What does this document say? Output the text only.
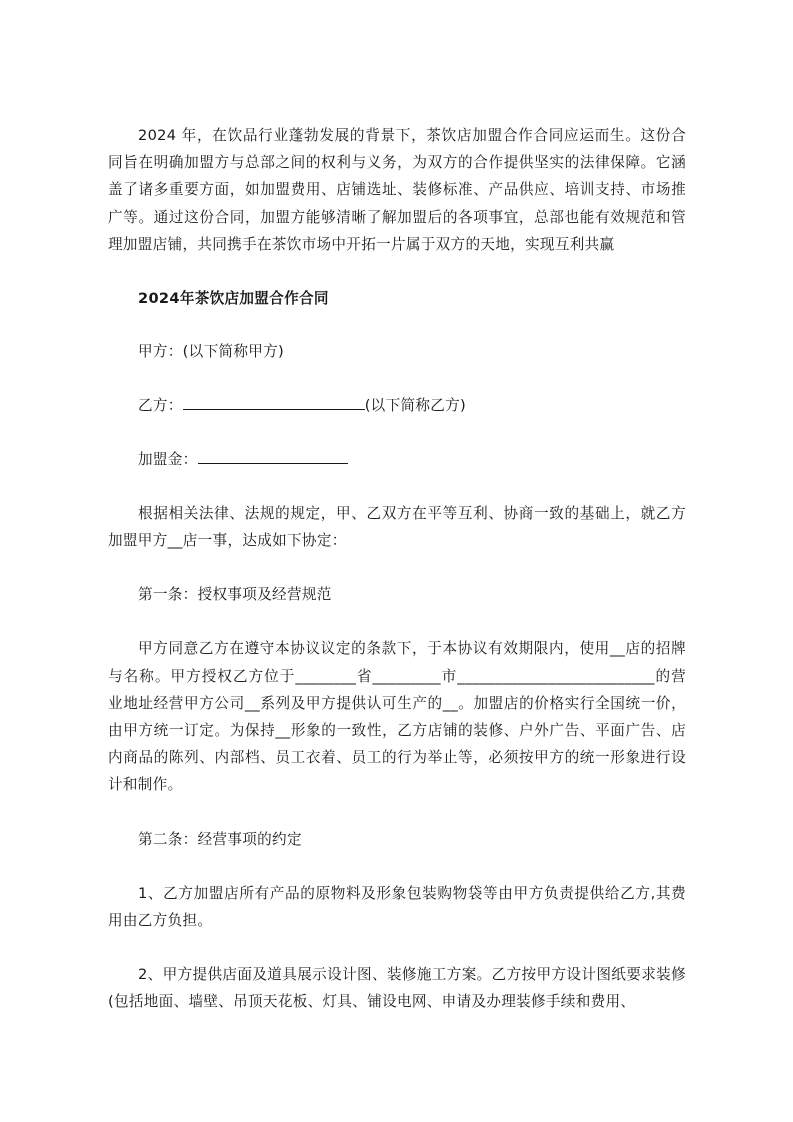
2024 年，在饮品行业蓬勃发展的背景下，茶饮店加盟合作合同应运而生。这份合同旨在明确加盟方与总部之间的权利与义务，为双方的合作提供坚实的法律保障。它涵盖了诸多重要方面，如加盟费用、店铺选址、装修标准、产品供应、培训支持、市场推广等。通过这份合同，加盟方能够清晰了解加盟后的各项事宜，总部也能有效规范和管理加盟店铺，共同携手在茶饮市场中开拓一片属于双方的天地，实现互利共赢

2024年茶饮店加盟合作合同

甲方：(以下简称甲方)

乙方：	(以下简称乙方)

加盟金：

根据相关法律、法规的规定，甲、乙双方在平等互利、协商一致的基础上，就乙方加盟甲方__店一事，达成如下协定：

第一条：授权事项及经营规范

甲方同意乙方在遵守本协议议定的条款下，于本协议有效期限内，使用__店的招牌与名称。甲方授权乙方位于________省_________市__________________________的营业地址经营甲方公司__系列及甲方提供认可生产的__。加盟店的价格实行全国统一价，由甲方统一订定。为保持__形象的一致性，乙方店铺的装修、户外广告、平面广告、店内商品的陈列、内部档、员工衣着、员工的行为举止等，必须按甲方的统一形象进行设计和制作。

第二条：经营事项的约定

1、乙方加盟店所有产品的原物料及形象包装购物袋等由甲方负责提供给乙方,其费用由乙方负担。

2、甲方提供店面及道具展示设计图、装修施工方案。乙方按甲方设计图纸要求装修(包括地面、墙壁、吊顶天花板、灯具、铺设电网、申请及办理装修手续和费用、
